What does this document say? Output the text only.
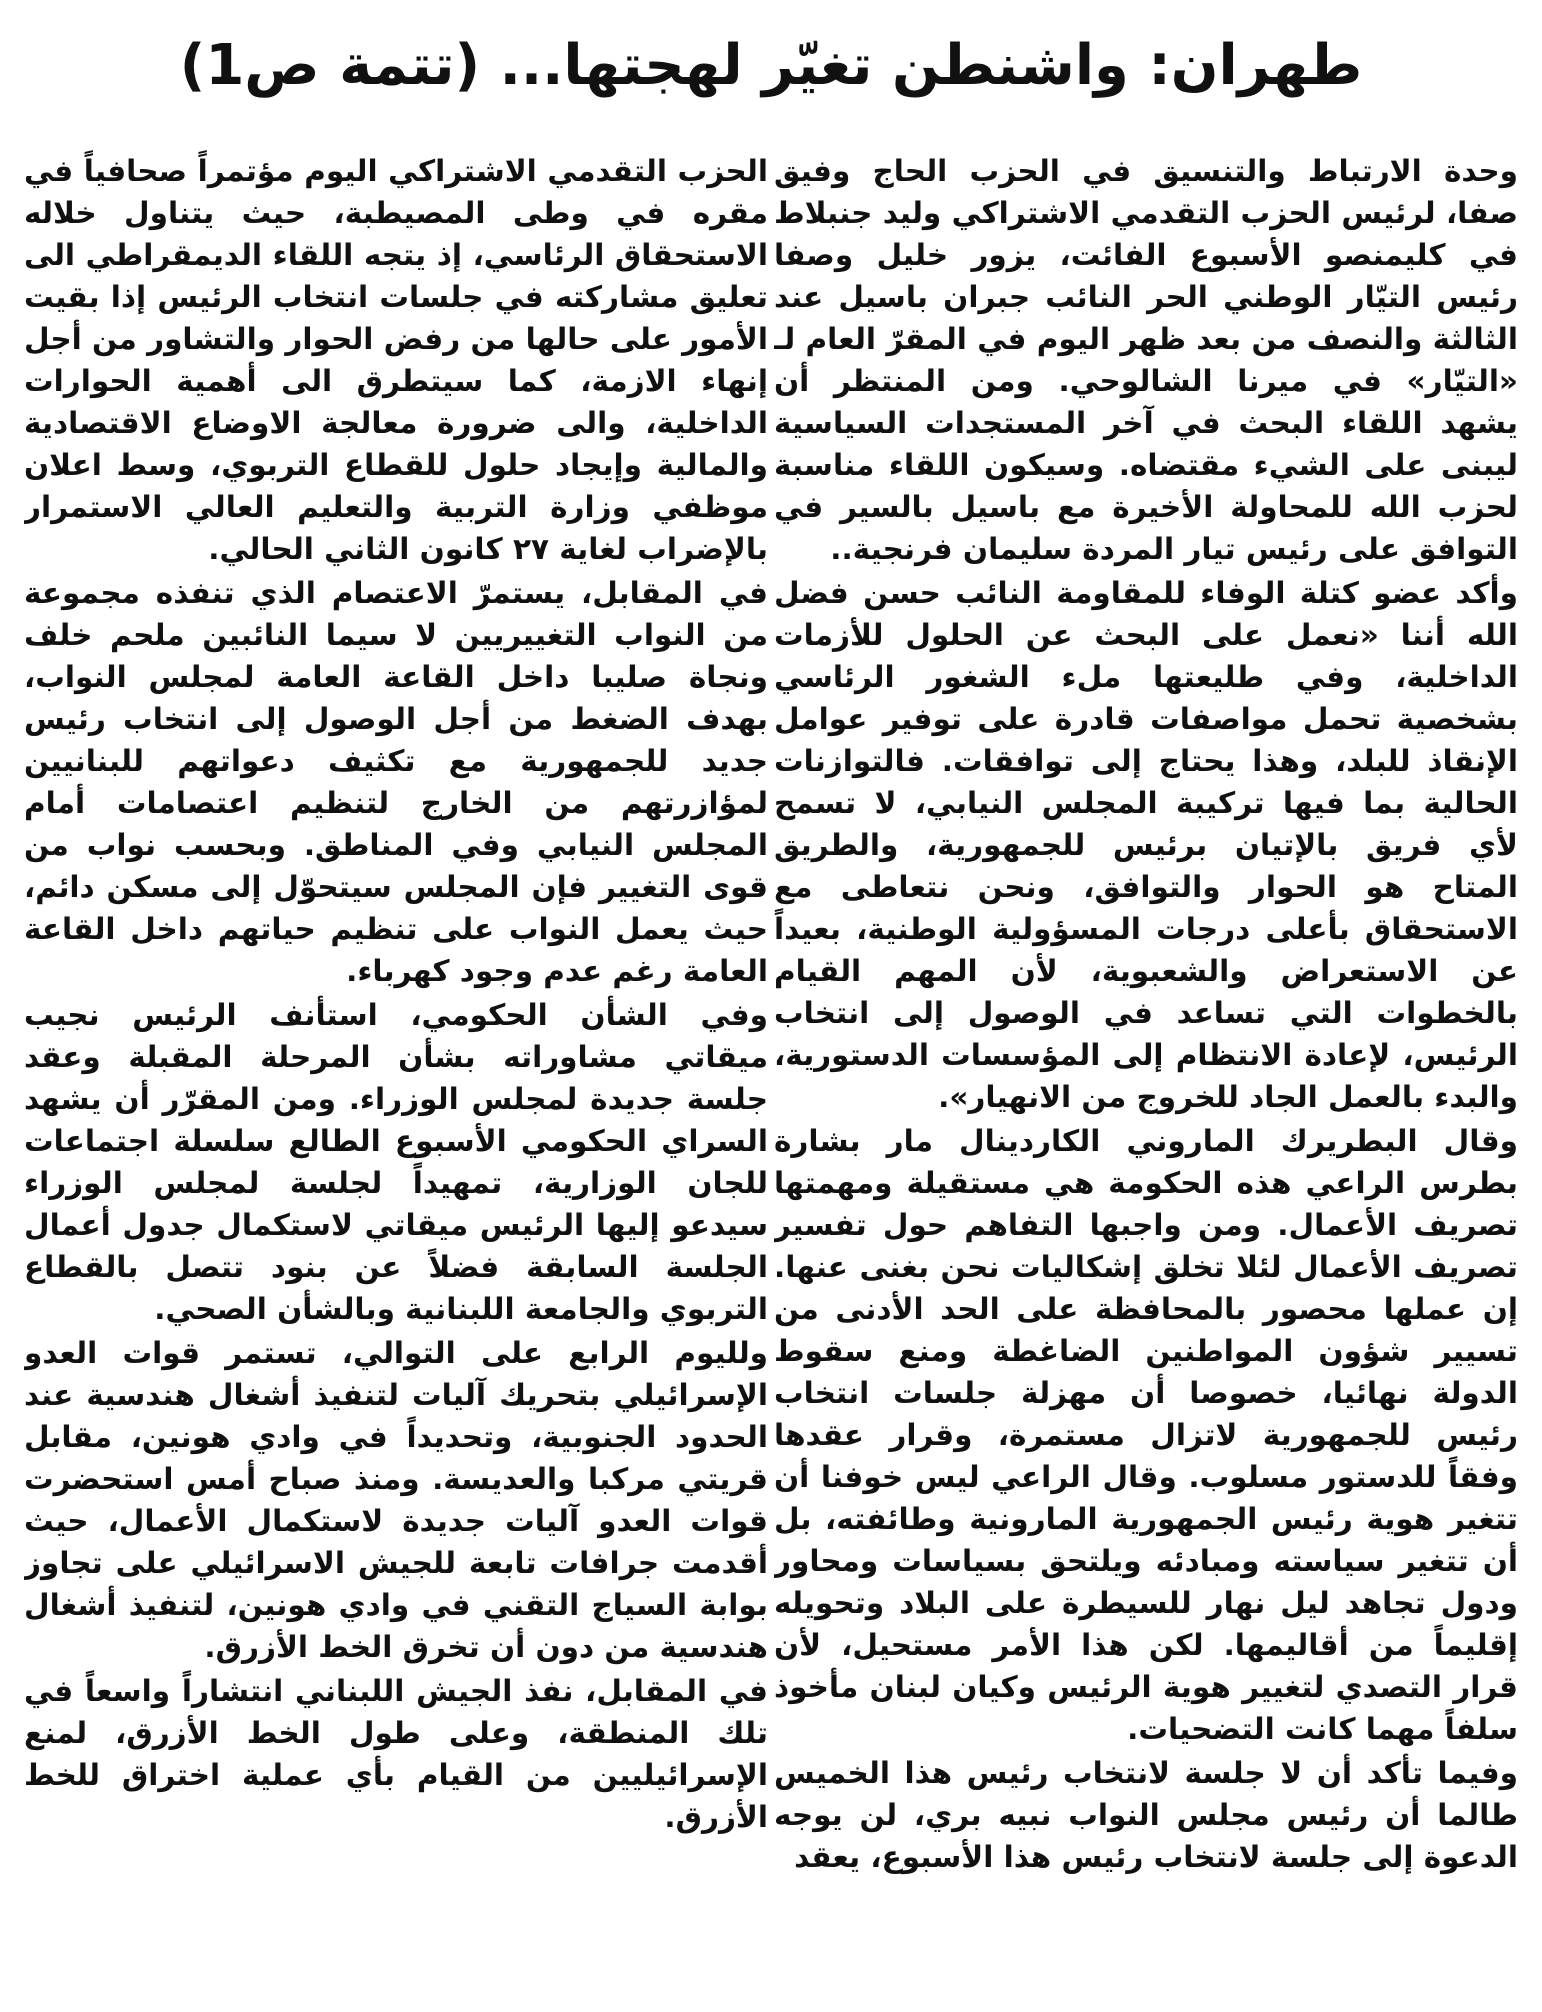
طهران: واشنطن تغيّر لهجتها... (تتمة ص1)

وحدة الارتباط والتنسيق في الحزب الحاج وفيق صفا، لرئيس الحزب التقدمي الاشتراكي وليد جنبلاط في كليمنصو الأسبوع الفائت، يزور خليل وصفا رئيس التيّار الوطني الحر النائب جبران باسيل عند الثالثة والنصف من بعد ظهر اليوم في المقرّ العام لـ «التيّار» في ميرنا الشالوحي. ومن المنتظر أن يشهد اللقاء البحث في آخر المستجدات السياسية ليبنى على الشيء مقتضاه. وسيكون اللقاء مناسبة لحزب الله للمحاولة الأخيرة مع باسيل بالسير في التوافق على رئيس تيار المردة سليمان فرنجية..

وأكد عضو كتلة الوفاء للمقاومة النائب حسن فضل الله أننا «نعمل على البحث عن الحلول للأزمات الداخلية، وفي طليعتها ملء الشغور الرئاسي بشخصية تحمل مواصفات قادرة على توفير عوامل الإنقاذ للبلد، وهذا يحتاج إلى توافقات. فالتوازنات الحالية بما فيها تركيبة المجلس النيابي، لا تسمح لأي فريق بالإتيان برئيس للجمهورية، والطريق المتاح هو الحوار والتوافق، ونحن نتعاطى مع الاستحقاق بأعلى درجات المسؤولية الوطنية، بعيداً عن الاستعراض والشعبوية، لأن المهم القيام بالخطوات التي تساعد في الوصول إلى انتخاب الرئيس، لإعادة الانتظام إلى المؤسسات الدستورية، والبدء بالعمل الجاد للخروج من الانهيار».

وقال البطريرك الماروني الكاردينال مار بشارة بطرس الراعي هذه الحكومة هي مستقيلة ومهمتها تصريف الأعمال. ومن واجبها التفاهم حول تفسير تصريف الأعمال لئلا تخلق إشكاليات نحن بغنى عنها. إن عملها محصور بالمحافظة على الحد الأدنى من تسيير شؤون المواطنين الضاغطة ومنع سقوط الدولة نهائيا، خصوصا أن مهزلة جلسات انتخاب رئيس للجمهورية لاتزال مستمرة، وقرار عقدها وفقاً للدستور مسلوب. وقال الراعي ليس خوفنا أن تتغير هوية رئيس الجمهورية المارونية وطائفته، بل أن تتغير سياسته ومبادئه ويلتحق بسياسات ومحاور ودول تجاهد ليل نهار للسيطرة على البلاد وتحويله إقليماً من أقاليمها. لكن هذا الأمر مستحيل، لأن قرار التصدي لتغيير هوية الرئيس وكيان لبنان مأخوذ سلفاً مهما كانت التضحيات.

وفيما تأكد أن لا جلسة لانتخاب رئيس هذا الخميس طالما أن رئيس مجلس النواب نبيه بري، لن يوجه الدعوة إلى جلسة لانتخاب رئيس هذا الأسبوع، يعقد

الحزب التقدمي الاشتراكي اليوم مؤتمراً صحافياً في مقره في وطى المصيطبة، حيث يتناول خلاله الاستحقاق الرئاسي، إذ يتجه اللقاء الديمقراطي الى تعليق مشاركته في جلسات انتخاب الرئيس إذا بقيت الأمور على حالها من رفض الحوار والتشاور من أجل إنهاء الازمة، كما سيتطرق الى أهمية الحوارات الداخلية، والى ضرورة معالجة الاوضاع الاقتصادية والمالية وإيجاد حلول للقطاع التربوي، وسط اعلان موظفي وزارة التربية والتعليم العالي الاستمرار بالإضراب لغاية ٢٧ كانون الثاني الحالي.

في المقابل، يستمرّ الاعتصام الذي تنفذه مجموعة من النواب التغييريين لا سيما النائبين ملحم خلف ونجاة صليبا داخل القاعة العامة لمجلس النواب، بهدف الضغط من أجل الوصول إلى انتخاب رئيس جديد للجمهورية مع تكثيف دعواتهم للبنانيين لمؤازرتهم من الخارج لتنظيم اعتصامات أمام المجلس النيابي وفي المناطق. وبحسب نواب من قوى التغيير فإن المجلس سيتحوّل إلى مسكن دائم، حيث يعمل النواب على تنظيم حياتهم داخل القاعة العامة رغم عدم وجود كهرباء.

وفي الشأن الحكومي، استأنف الرئيس نجيب ميقاتي مشاوراته بشأن المرحلة المقبلة وعقد جلسة جديدة لمجلس الوزراء. ومن المقرّر أن يشهد السراي الحكومي الأسبوع الطالع سلسلة اجتماعات للجان الوزارية، تمهيداً لجلسة لمجلس الوزراء سيدعو إليها الرئيس ميقاتي لاستكمال جدول أعمال الجلسة السابقة فضلاً عن بنود تتصل بالقطاع التربوي والجامعة اللبنانية وبالشأن الصحي.

ولليوم الرابع على التوالي، تستمر قوات العدو الإسرائيلي بتحريك آليات لتنفيذ أشغال هندسية عند الحدود الجنوبية، وتحديداً في وادي هونين، مقابل قريتي مركبا والعديسة. ومنذ صباح أمس استحضرت قوات العدو آليات جديدة لاستكمال الأعمال، حيث أقدمت جرافات تابعة للجيش الاسرائيلي على تجاوز بوابة السياج التقني في وادي هونين، لتنفيذ أشغال هندسية من دون أن تخرق الخط الأزرق.

في المقابل، نفذ الجيش اللبناني انتشاراً واسعاً في تلك المنطقة، وعلى طول الخط الأزرق، لمنع الإسرائيليين من القيام بأي عملية اختراق للخط الأزرق.
